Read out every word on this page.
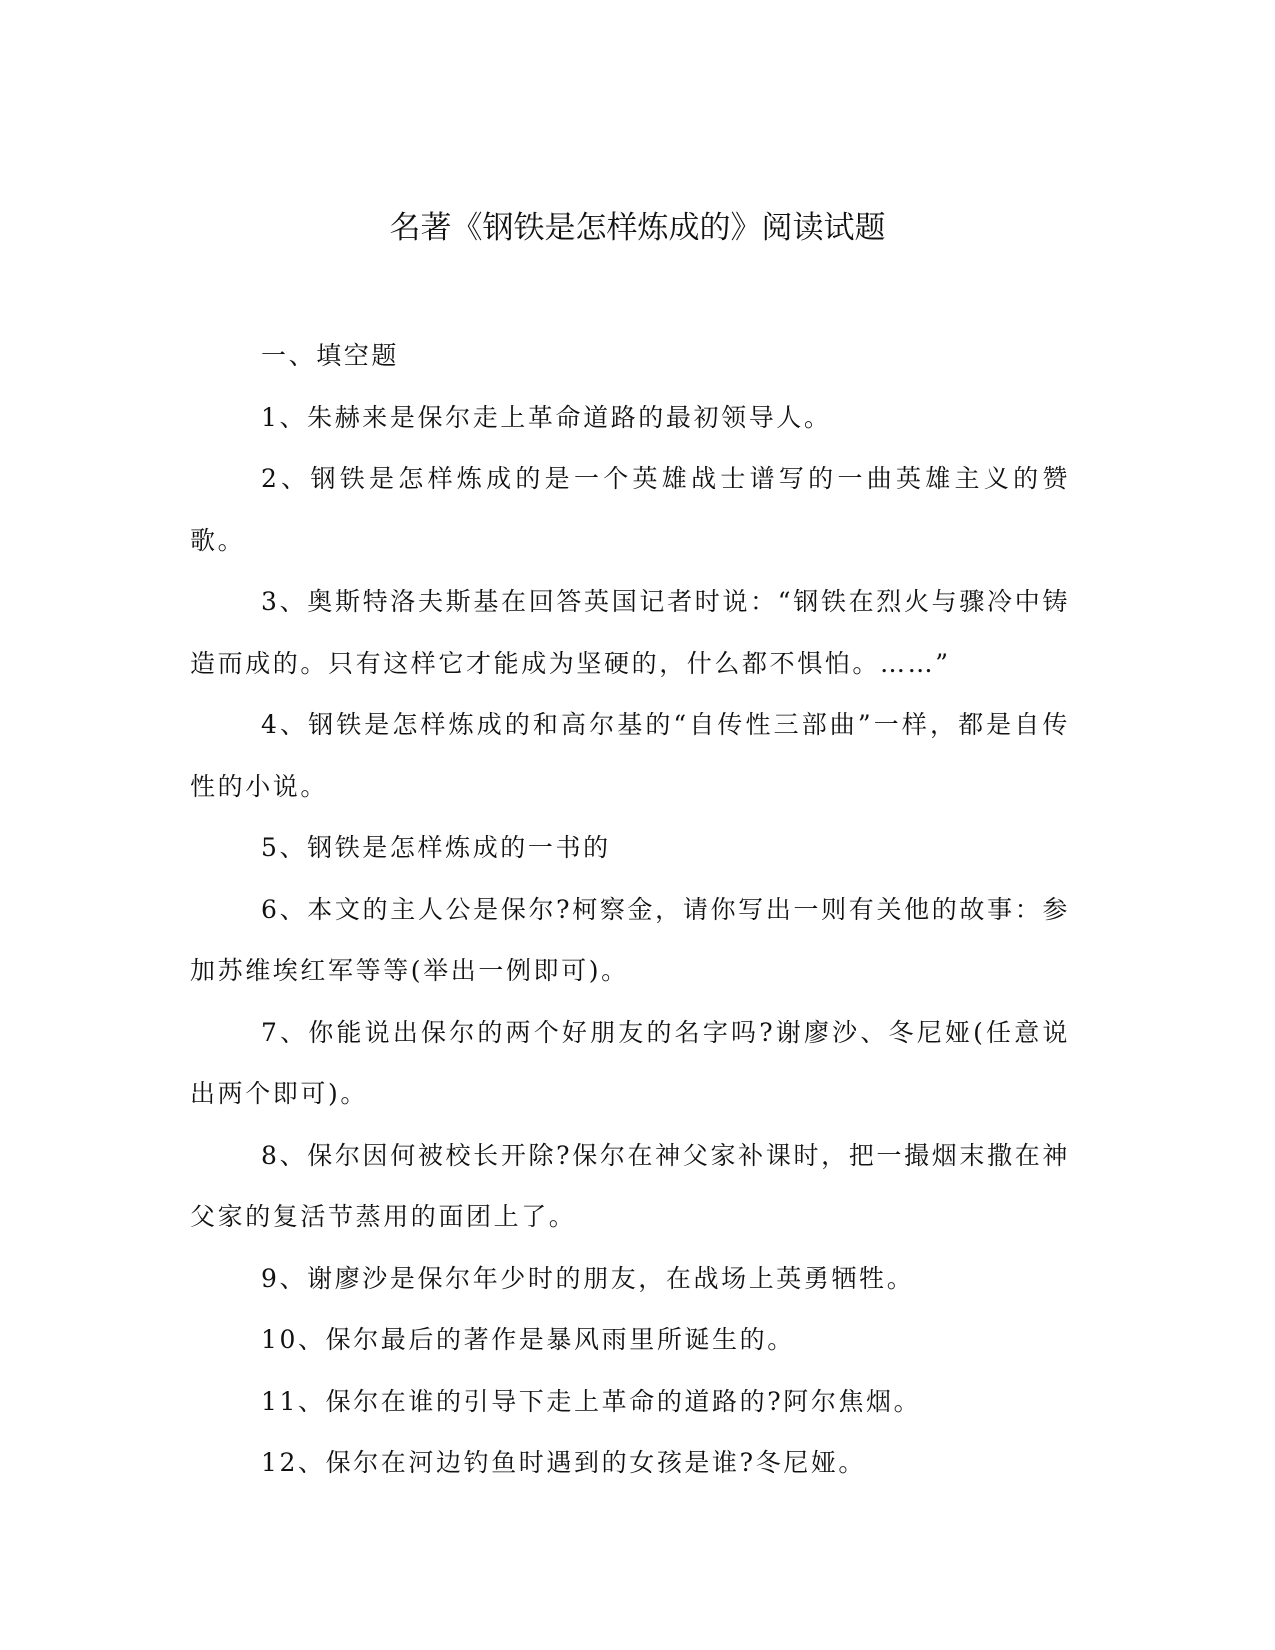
名著《钢铁是怎样炼成的》阅读试题

一、填空题

1、朱赫来是保尔走上革命道路的最初领导人。

2、钢铁是怎样炼成的是一个英雄战士谱写的一曲英雄主义的赞歌。

3、奥斯特洛夫斯基在回答英国记者时说：“钢铁在烈火与骤冷中铸造而成的。只有这样它才能成为坚硬的，什么都不惧怕。……”

4、钢铁是怎样炼成的和高尔基的“自传性三部曲”一样，都是自传性的小说。

5、钢铁是怎样炼成的一书的

6、本文的主人公是保尔?柯察金，请你写出一则有关他的故事：参加苏维埃红军等等(举出一例即可)。

7、你能说出保尔的两个好朋友的名字吗?谢廖沙、冬尼娅(任意说出两个即可)。

8、保尔因何被校长开除?保尔在神父家补课时，把一撮烟末撒在神父家的复活节蒸用的面团上了。

9、谢廖沙是保尔年少时的朋友，在战场上英勇牺牲。

10、保尔最后的著作是暴风雨里所诞生的。

11、保尔在谁的引导下走上革命的道路的?阿尔焦烟。

12、保尔在河边钓鱼时遇到的女孩是谁?冬尼娅。
